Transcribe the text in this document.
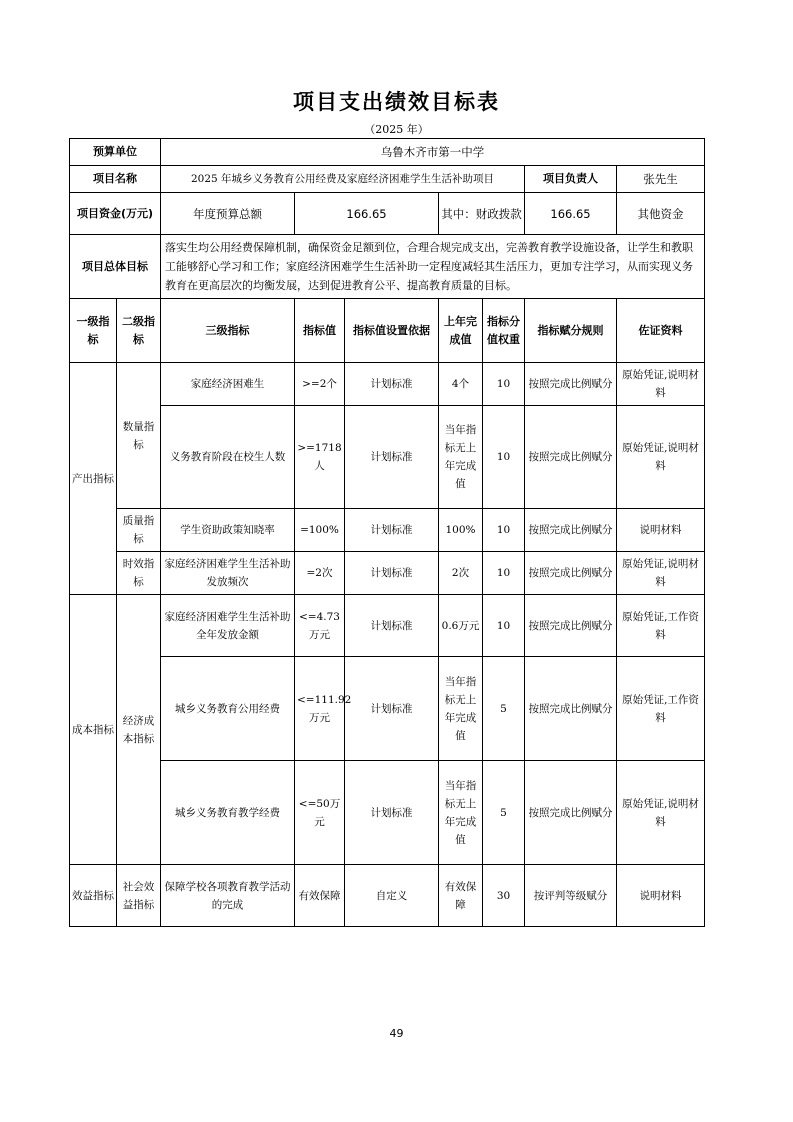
项目支出绩效目标表
（2025 年）
预算单位		乌鲁木齐市第一中学							
项目名称		2025 年城乡义务教育公用经费及家庭经济困难学生生活补助项目					项目负责人	张先生	
项目资金(万元)		年度预算总额	166.65		其中：财政拨款		166.65	其他资金	
项目总体目标		落实生均公用经费保障机制，确保资金足额到位，合理合规完成支出，完善教育教学设施设备，让学生和教职工能够舒心学习和工作；家庭经济困难学生生活补助一定程度减轻其生活压力，更加专注学习，从而实现义务教育在更高层次的均衡发展，达到促进教育公平、提高教育质量的目标。							
一级指标	二级指标	三级指标	指标值	指标值设置依据	上年完成值	指标分值权重	指标赋分规则	佐证资料	
产出指标	数量指标	家庭经济困难生	>=2个	计划标准	4个	10	按照完成比例赋分	原始凭证,说明材料	
		义务教育阶段在校生人数	>=1718人	计划标准	当年指标无上年完成值	10	按照完成比例赋分	原始凭证,说明材料	
	质量指标	学生资助政策知晓率	=100%	计划标准	100%	10	按照完成比例赋分	说明材料	
	时效指标	家庭经济困难学生生活补助发放频次	=2次	计划标准	2次	10	按照完成比例赋分	原始凭证,说明材料	
成本指标	经济成本指标	家庭经济困难学生生活补助全年发放金额	<=4.73万元	计划标准	0.6万元	10	按照完成比例赋分	原始凭证,工作资料	
		城乡义务教育公用经费	<=111.92万元	计划标准	当年指标无上年完成值	5	按照完成比例赋分	原始凭证,工作资料	
		城乡义务教育教学经费	<=50万元	计划标准	当年指标无上年完成值	5	按照完成比例赋分	原始凭证,说明材料	
效益指标	社会效益指标	保障学校各项教育教学活动的完成	有效保障	自定义	有效保障	30	按评判等级赋分	说明材料	
49
